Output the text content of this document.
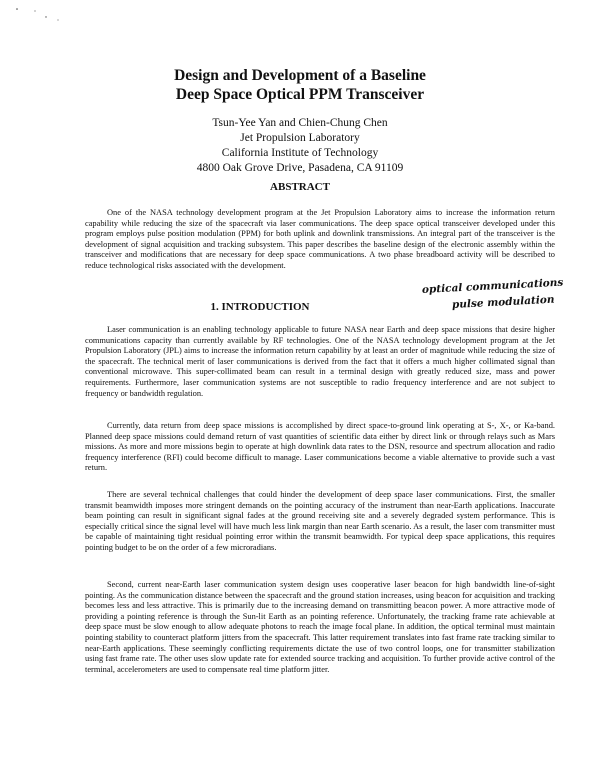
Design and Development of a Baseline
Deep Space Optical PPM Transceiver
Tsun-Yee Yan and Chien-Chung Chen
Jet Propulsion Laboratory
California Institute of Technology
4800 Oak Grove Drive, Pasadena, CA 91109
ABSTRACT

One of the NASA technology development program at the Jet Propulsion Laboratory aims to increase the information return capability while reducing the size of the spacecraft via laser communications. The deep space optical transceiver developed under this program employs pulse position modulation (PPM) for both uplink and downlink transmissions. An integral part of the transceiver is the development of signal acquisition and tracking subsystem. This paper describes the baseline design of the electronic assembly within the transceiver and modifications that are necessary for deep space communications. A two phase breadboard activity will be described to reduce technological risks associated with the development.

optical communications
pulse modulation
1. INTRODUCTION

Laser communication is an enabling technology applicable to future NASA near Earth and deep space missions that desire higher communications capacity than currently available by RF technologies. One of the NASA technology development program at the Jet Propulsion Laboratory (JPL) aims to increase the information return capability by at least an order of magnitude while reducing the size of the spacecraft. The technical merit of laser communications is derived from the fact that it offers a much higher collimated signal than conventional microwave. This super-collimated beam can result in a terminal design with greatly reduced size, mass and power requirements. Furthermore, laser communication systems are not susceptible to radio frequency interference and are not subject to frequency or bandwidth regulation.

Currently, data return from deep space missions is accomplished by direct space-to-ground link operating at S-, X-, or Ka-band. Planned deep space missions could demand return of vast quantities of scientific data either by direct link or through relays such as Mars missions. As more and more missions begin to operate at high downlink data rates to the DSN, resource and spectrum allocation and radio frequency interference (RFI) could become difficult to manage. Laser communications become a viable alternative to provide such a vast return.

There are several technical challenges that could hinder the development of deep space laser communications. First, the smaller transmit beamwidth imposes more stringent demands on the pointing accuracy of the instrument than near-Earth applications. Inaccurate beam pointing can result in significant signal fades at the ground receiving site and a severely degraded system performance. This is especially critical since the signal level will have much less link margin than near Earth scenario. As a result, the laser com transmitter must be capable of maintaining tight residual pointing error within the transmit beamwidth. For typical deep space applications, this requires pointing budget to be on the order of a few microradians.

Second, current near-Earth laser communication system design uses cooperative laser beacon for high bandwidth line-of-sight pointing. As the communication distance between the spacecraft and the ground station increases, using beacon for acquisition and tracking becomes less and less attractive. This is primarily due to the increasing demand on transmitting beacon power. A more attractive mode of providing a pointing reference is through the Sun-lit Earth as an pointing reference. Unfortunately, the tracking frame rate achievable at deep space must be slow enough to allow adequate photons to reach the image focal plane. In addition, the optical terminal must maintain pointing stability to counteract platform jitters from the spacecraft. This latter requirement translates into fast frame rate tracking similar to near-Earth applications. These seemingly conflicting requirements dictate the use of two control loops, one for transmitter stabilization using fast frame rate. The other uses slow update rate for extended source tracking and acquisition. To further provide active control of the terminal, accelerometers are used to compensate real time platform jitter.
